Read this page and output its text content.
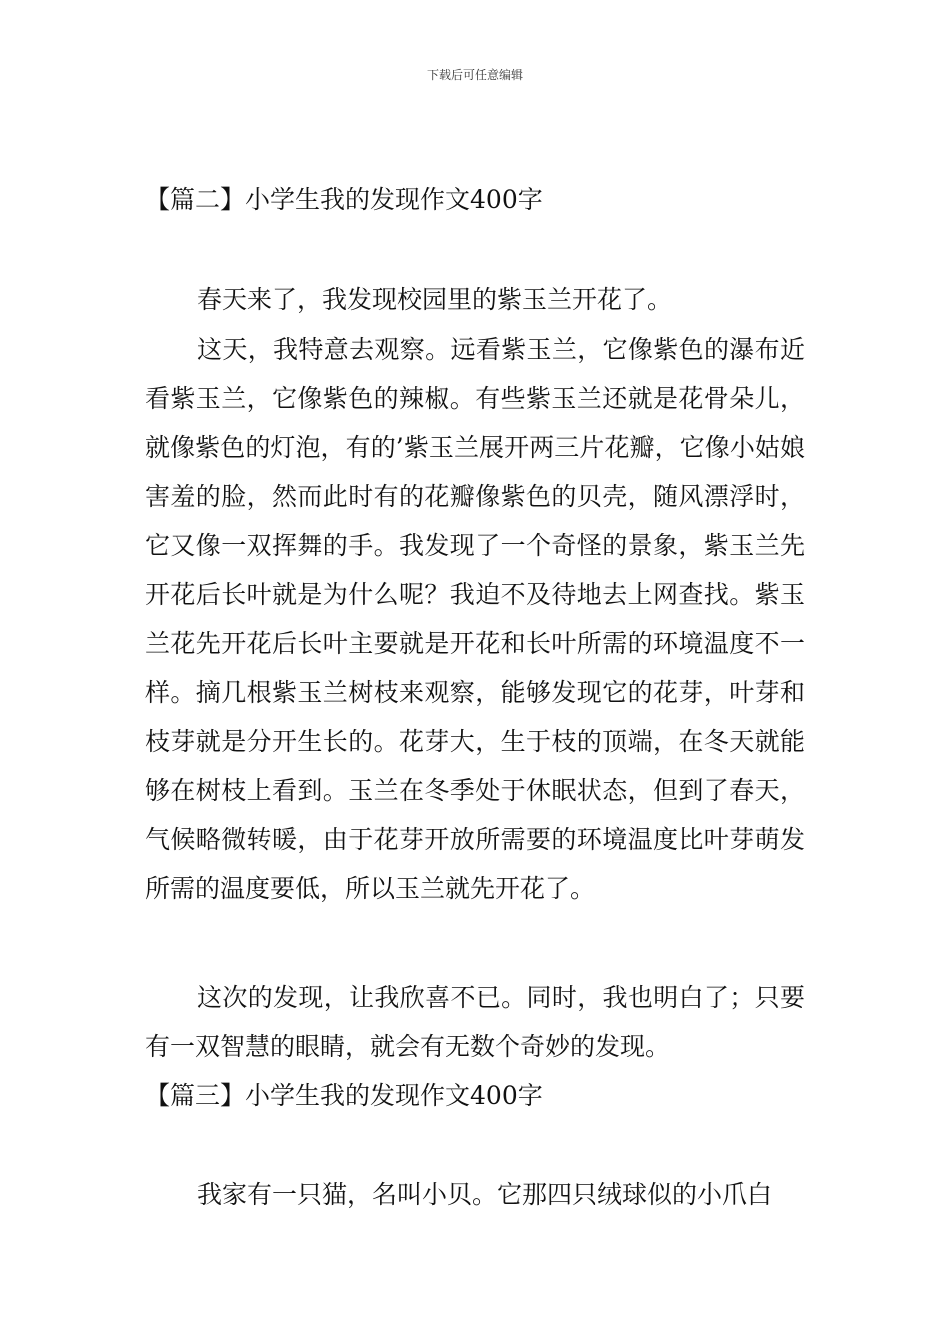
下载后可任意编辑
【篇二】小学生我的发现作文400字

春天来了，我发现校园里的紫玉兰开花了。

这天，我特意去观察。远看紫玉兰，它像紫色的瀑布近看紫玉兰，它像紫色的辣椒。有些紫玉兰还就是花骨朵儿，就像紫色的灯泡，有的’紫玉兰展开两三片花瓣，它像小姑娘害羞的脸，然而此时有的花瓣像紫色的贝壳，随风漂浮时，它又像一双挥舞的手。我发现了一个奇怪的景象，紫玉兰先开花后长叶就是为什么呢？我迫不及待地去上网查找。紫玉兰花先开花后长叶主要就是开花和长叶所需的环境温度不一样。摘几根紫玉兰树枝来观察，能够发现它的花芽，叶芽和枝芽就是分开生长的。花芽大，生于枝的顶端，在冬天就能够在树枝上看到。玉兰在冬季处于休眠状态，但到了春天，气候略微转暖，由于花芽开放所需要的环境温度比叶芽萌发所需的温度要低，所以玉兰就先开花了。

这次的发现，让我欣喜不已。同时，我也明白了；只要有一双智慧的眼睛，就会有无数个奇妙的发现。

【篇三】小学生我的发现作文400字

我家有一只猫，名叫小贝。它那四只绒球似的小爪白
